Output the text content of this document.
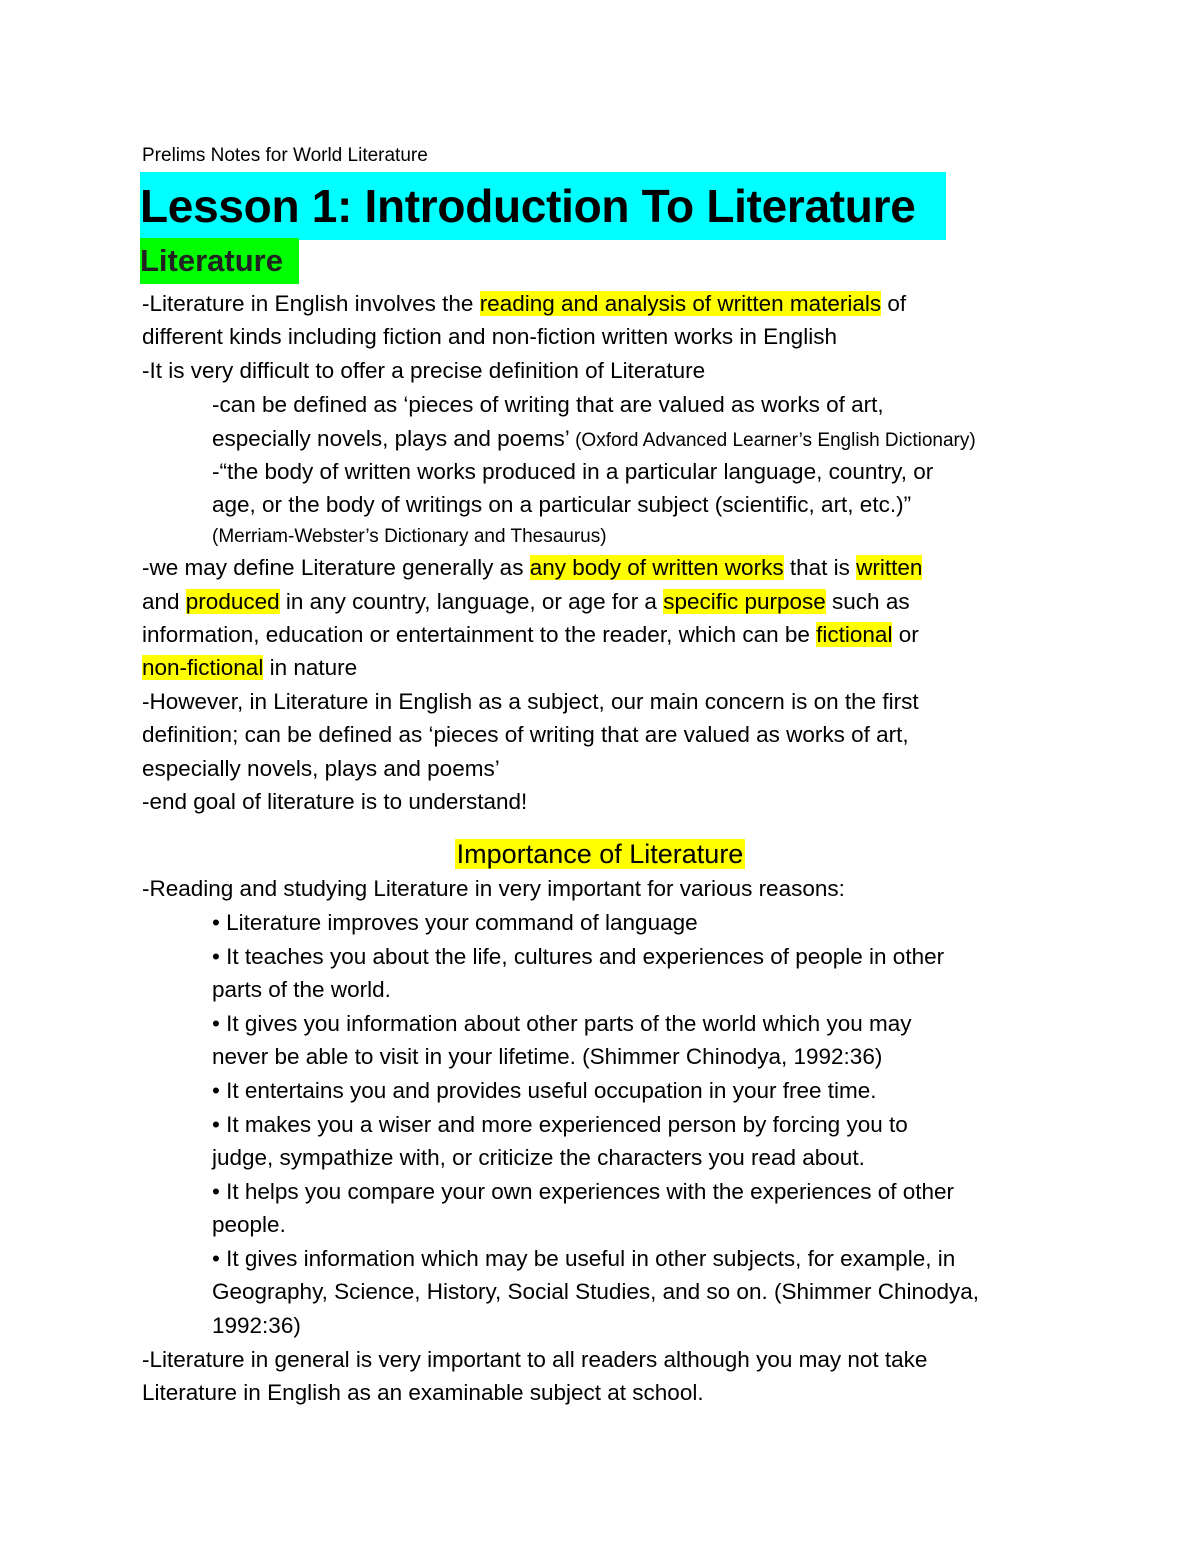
Prelims Notes for World Literature
Lesson 1: Introduction To Literature
Literature
-Literature in English involves the reading and analysis of written materials of
different kinds including fiction and non-fiction written works in English
-It is very difficult to offer a precise definition of Literature
-can be defined as ‘pieces of writing that are valued as works of art,
especially novels, plays and poems’ (Oxford Advanced Learner’s English Dictionary)
-“the body of written works produced in a particular language, country, or
age, or the body of writings on a particular subject (scientific, art, etc.)”
(Merriam-Webster’s Dictionary and Thesaurus)
-we may define Literature generally as any body of written works that is written
and produced in any country, language, or age for a specific purpose such as
information, education or entertainment to the reader, which can be fictional or
non-fictional in nature
-However, in Literature in English as a subject, our main concern is on the first
definition; can be defined as ‘pieces of writing that are valued as works of art,
especially novels, plays and poems’
-end goal of literature is to understand!
Importance of Literature
-Reading and studying Literature in very important for various reasons:
• Literature improves your command of language
• It teaches you about the life, cultures and experiences of people in other
parts of the world.
• It gives you information about other parts of the world which you may
never be able to visit in your lifetime. (Shimmer Chinodya, 1992:36)
• It entertains you and provides useful occupation in your free time.
• It makes you a wiser and more experienced person by forcing you to
judge, sympathize with, or criticize the characters you read about.
• It helps you compare your own experiences with the experiences of other
people.
• It gives information which may be useful in other subjects, for example, in
Geography, Science, History, Social Studies, and so on. (Shimmer Chinodya,
1992:36)
-Literature in general is very important to all readers although you may not take
Literature in English as an examinable subject at school.
